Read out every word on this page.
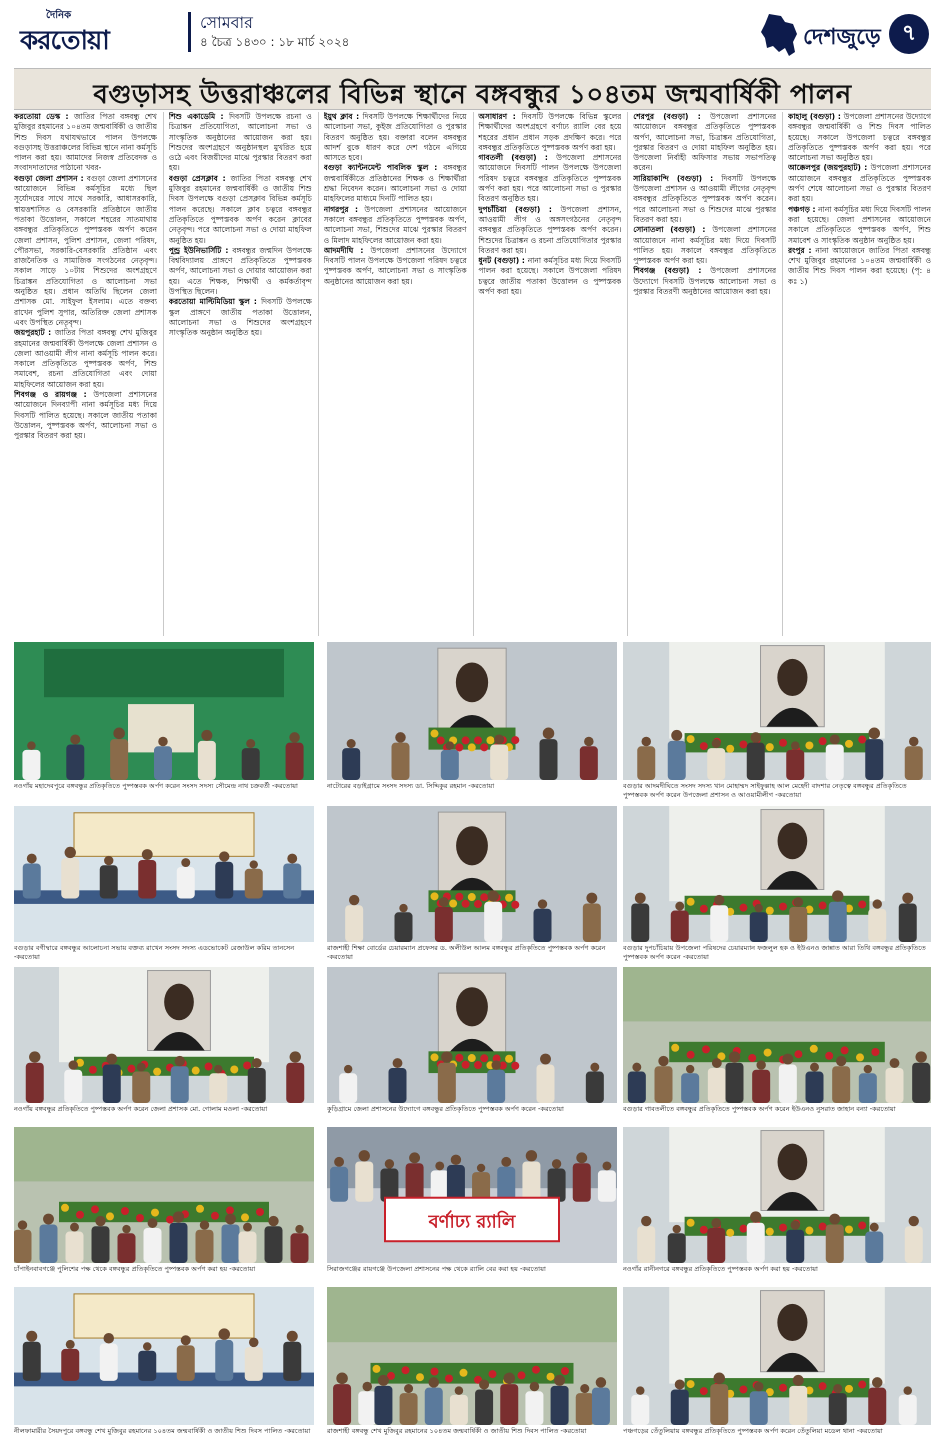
দৈনিক
করতোয়া
সোমবার
৪ চৈত্র ১৪৩০ : ১৮ মার্চ ২০২৪	দেশজুড়ে ৭
বগুড়াসহ উত্তরাঞ্চলের বিভিন্ন স্থানে বঙ্গবন্ধুর ১০৪তম জন্মবার্ষিকী পালন

করতোয়া ডেস্ক : জাতির পিতা বঙ্গবন্ধু শেখ মুজিবুর রহমানের ১০৪তম জন্মবার্ষিকী ও জাতীয় শিশু দিবস যথাযথভাবে পালন উপলক্ষে বগুড়াসহ উত্তরাঞ্চলের বিভিন্ন স্থানে নানা কর্মসূচি পালন করা হয়। আমাদের নিজস্ব প্রতিবেদক ও সংবাদদাতাদের পাঠানো খবর-

বগুড়া জেলা প্রশাসন : বগুড়া জেলা প্রশাসনের আয়োজনে বিভিন্ন কর্মসূচির মধ্যে ছিল সূর্যোদয়ের সাথে সাথে সরকারি, আধাসরকারি, স্বায়ত্তশাসিত ও বেসরকারি প্রতিষ্ঠানে জাতীয় পতাকা উত্তোলন, সকালে শহরের সাতমাথায় বঙ্গবন্ধুর প্রতিকৃতিতে পুষ্পস্তবক অর্পণ করেন জেলা প্রশাসন, পুলিশ প্রশাসন, জেলা পরিষদ, পৌরসভা, সরকারি-বেসরকারি প্রতিষ্ঠান এবং রাজনৈতিক ও সামাজিক সংগঠনের নেতৃবৃন্দ। সকাল সাড়ে ১০টায় শিশুদের অংশগ্রহণে চিত্রাঙ্কন প্রতিযোগিতা ও আলোচনা সভা অনুষ্ঠিত হয়। প্রধান অতিথি ছিলেন জেলা প্রশাসক মো. সাইফুল ইসলাম। এতে বক্তব্য রাখেন পুলিশ সুপার, অতিরিক্ত জেলা প্রশাসক এবং উপস্থিত নেতৃবৃন্দ।

জয়পুরহাট : জাতির পিতা বঙ্গবন্ধু শেখ মুজিবুর রহমানের জন্মবার্ষিকী উপলক্ষে জেলা প্রশাসন ও জেলা আওয়ামী লীগ নানা কর্মসূচি পালন করে। সকালে প্রতিকৃতিতে পুষ্পস্তবক অর্পণ, শিশু সমাবেশ, রচনা প্রতিযোগিতা এবং দোয়া মাহফিলের আয়োজন করা হয়।

শিবগঞ্জ ও রায়গঞ্জ : উপজেলা প্রশাসনের আয়োজনে দিনব্যাপী নানা কর্মসূচির মধ্য দিয়ে দিবসটি পালিত হয়েছে। সকালে জাতীয় পতাকা উত্তোলন, পুষ্পস্তবক অর্পণ, আলোচনা সভা ও পুরস্কার বিতরণ করা হয়।

শিশু একাডেমি : দিবসটি উপলক্ষে রচনা ও চিত্রাঙ্কন প্রতিযোগিতা, আলোচনা সভা ও সাংস্কৃতিক অনুষ্ঠানের আয়োজন করা হয়। শিশুদের অংশগ্রহণে অনুষ্ঠানস্থল মুখরিত হয়ে ওঠে এবং বিজয়ীদের মাঝে পুরস্কার বিতরণ করা হয়।

বগুড়া প্রেসক্লাব : জাতির পিতা বঙ্গবন্ধু শেখ মুজিবুর রহমানের জন্মবার্ষিকী ও জাতীয় শিশু দিবস উপলক্ষে বগুড়া প্রেসক্লাব বিভিন্ন কর্মসূচি পালন করেছে। সকালে ক্লাব চত্বরে বঙ্গবন্ধুর প্রতিকৃতিতে পুষ্পস্তবক অর্পণ করেন ক্লাবের নেতৃবৃন্দ। পরে আলোচনা সভা ও দোয়া মাহফিল অনুষ্ঠিত হয়।

পুন্ড্র ইউনিভার্সিটি : বঙ্গবন্ধুর জন্মদিন উপলক্ষে বিশ্ববিদ্যালয় প্রাঙ্গণে প্রতিকৃতিতে পুষ্পস্তবক অর্পণ, আলোচনা সভা ও দোয়ার আয়োজন করা হয়। এতে শিক্ষক, শিক্ষার্থী ও কর্মকর্তাবৃন্দ উপস্থিত ছিলেন।

করতোয়া মাল্টিমিডিয়া স্কুল : দিবসটি উপলক্ষে স্কুল প্রাঙ্গণে জাতীয় পতাকা উত্তোলন, আলোচনা সভা ও শিশুদের অংশগ্রহণে সাংস্কৃতিক অনুষ্ঠান অনুষ্ঠিত হয়।

ইয়ুথ ক্লাব : দিবসটি উপলক্ষে শিক্ষার্থীদের নিয়ে আলোচনা সভা, কুইজ প্রতিযোগিতা ও পুরস্কার বিতরণ অনুষ্ঠিত হয়। বক্তারা বলেন বঙ্গবন্ধুর আদর্শ বুকে ধারণ করে দেশ গঠনে এগিয়ে আসতে হবে।

বগুড়া ক্যান্টনমেন্ট পাবলিক স্কুল : বঙ্গবন্ধুর জন্মবার্ষিকীতে প্রতিষ্ঠানের শিক্ষক ও শিক্ষার্থীরা শ্রদ্ধা নিবেদন করেন। আলোচনা সভা ও দোয়া মাহফিলের মাধ্যমে দিনটি পালিত হয়।

নাগরপুর : উপজেলা প্রশাসনের আয়োজনে সকালে বঙ্গবন্ধুর প্রতিকৃতিতে পুষ্পস্তবক অর্পণ, আলোচনা সভা, শিশুদের মাঝে পুরস্কার বিতরণ ও মিলাদ মাহফিলের আয়োজন করা হয়।

আদমদীঘি : উপজেলা প্রশাসনের উদ্যোগে দিবসটি পালন উপলক্ষে উপজেলা পরিষদ চত্বরে পুষ্পস্তবক অর্পণ, আলোচনা সভা ও সাংস্কৃতিক অনুষ্ঠানের আয়োজন করা হয়।

অসাধারণ : দিবসটি উপলক্ষে বিভিন্ন স্কুলের শিক্ষার্থীদের অংশগ্রহণে বর্ণাঢ্য র‍্যালি বের হয়ে শহরের প্রধান প্রধান সড়ক প্রদক্ষিণ করে। পরে বঙ্গবন্ধুর প্রতিকৃতিতে পুষ্পস্তবক অর্পণ করা হয়।

গাবতলী (বগুড়া) : উপজেলা প্রশাসনের আয়োজনে দিবসটি পালন উপলক্ষে উপজেলা পরিষদ চত্বরে বঙ্গবন্ধুর প্রতিকৃতিতে পুষ্পস্তবক অর্পণ করা হয়। পরে আলোচনা সভা ও পুরস্কার বিতরণ অনুষ্ঠিত হয়।

দুপচাঁচিয়া (বগুড়া) : উপজেলা প্রশাসন, আওয়ামী লীগ ও অঙ্গসংগঠনের নেতৃবৃন্দ বঙ্গবন্ধুর প্রতিকৃতিতে পুষ্পস্তবক অর্পণ করেন। শিশুদের চিত্রাঙ্কন ও রচনা প্রতিযোগিতার পুরস্কার বিতরণ করা হয়।

ধুনট (বগুড়া) : নানা কর্মসূচির মধ্য দিয়ে দিবসটি পালন করা হয়েছে। সকালে উপজেলা পরিষদ চত্বরে জাতীয় পতাকা উত্তোলন ও পুষ্পস্তবক অর্পণ করা হয়।

শেরপুর (বগুড়া) : উপজেলা প্রশাসনের আয়োজনে বঙ্গবন্ধুর প্রতিকৃতিতে পুষ্পস্তবক অর্পণ, আলোচনা সভা, চিত্রাঙ্কন প্রতিযোগিতা, পুরস্কার বিতরণ ও দোয়া মাহফিল অনুষ্ঠিত হয়। উপজেলা নির্বাহী অফিসার সভায় সভাপতিত্ব করেন।

সারিয়াকান্দি (বগুড়া) : দিবসটি উপলক্ষে উপজেলা প্রশাসন ও আওয়ামী লীগের নেতৃবৃন্দ বঙ্গবন্ধুর প্রতিকৃতিতে পুষ্পস্তবক অর্পণ করেন। পরে আলোচনা সভা ও শিশুদের মাঝে পুরস্কার বিতরণ করা হয়।

সোনাতলা (বগুড়া) : উপজেলা প্রশাসনের আয়োজনে নানা কর্মসূচির মধ্য দিয়ে দিবসটি পালিত হয়। সকালে বঙ্গবন্ধুর প্রতিকৃতিতে পুষ্পস্তবক অর্পণ করা হয়।

শিবগঞ্জ (বগুড়া) : উপজেলা প্রশাসনের উদ্যোগে দিবসটি উপলক্ষে আলোচনা সভা ও পুরস্কার বিতরণী অনুষ্ঠানের আয়োজন করা হয়।

কাহালু (বগুড়া) : উপজেলা প্রশাসনের উদ্যোগে বঙ্গবন্ধুর জন্মবার্ষিকী ও শিশু দিবস পালিত হয়েছে। সকালে উপজেলা চত্বরে বঙ্গবন্ধুর প্রতিকৃতিতে পুষ্পস্তবক অর্পণ করা হয়। পরে আলোচনা সভা অনুষ্ঠিত হয়।

আক্কেলপুর (জয়পুরহাট) : উপজেলা প্রশাসনের আয়োজনে বঙ্গবন্ধুর প্রতিকৃতিতে পুষ্পস্তবক অর্পণ শেষে আলোচনা সভা ও পুরস্কার বিতরণ করা হয়।

পঞ্চগড় : নানা কর্মসূচির মধ্য দিয়ে দিবসটি পালন করা হয়েছে। জেলা প্রশাসনের আয়োজনে সকালে প্রতিকৃতিতে পুষ্পস্তবক অর্পণ, শিশু সমাবেশ ও সাংস্কৃতিক অনুষ্ঠান অনুষ্ঠিত হয়।

রংপুর : নানা আয়োজনে জাতির পিতা বঙ্গবন্ধু শেখ মুজিবুর রহমানের ১০৪তম জন্মবার্ষিকী ও জাতীয় শিশু দিবস পালন করা হয়েছে। (পৃ: ৪ কঃ ১)

নওগাঁয় মহাদেবপুরে বঙ্গবন্ধুর প্রতিকৃতিতে পুষ্পস্তবক অর্পণ করেন সংসদ সদস্য সৌমেন্দ্র নাথ চক্রবর্তী -করতোয়া	নাটোরের বড়াইগ্রামে সংসদ সদস্য ডা. সিদ্দিকুর রহমান -করতোয়া	বগুড়ার আদমদীঘিতে সংসদ সদস্য খান মোহাম্মদ সাইফুল্লাহ আল মেহেদী বাদশার নেতৃত্বে বঙ্গবন্ধুর প্রতিকৃতিতে পুষ্পস্তবক অর্পণ করেন উপজেলা প্রশাসন ও আওয়ামীলীগ -করতোয়া
বগুড়ার বগীদ্বারে বঙ্গবন্ধুর আলোচনা সভায় বক্তব্য রাখেন সংসদ সদস্য এডভোকেট রেজাউল করিম তানসেন -করতোয়া
রাজশাহী শিক্ষা বোর্ডের চেয়ারম্যান প্রফেসর ড. অলীউল আলম বঙ্গবন্ধুর প্রতিকৃতিতে পুষ্পস্তবক অর্পণ করেন -করতোয়া
বগুড়ার দুপচাঁচিয়ায় উপজেলা পরিষদের চেয়ারম্যান ফজলুল হক ও ইউএনও জান্নাত আরা তিথি বঙ্গবন্ধুর প্রতিকৃতিতে পুষ্পস্তবক অর্পণ করেন -করতোয়া
নওগাঁয় বঙ্গবন্ধুর প্রতিকৃতিতে পুষ্পস্তবক অর্পণ করেন জেলা প্রশাসক মো. গোলাম মওলা -করতোয়া	কুড়িগ্রামে জেলা প্রশাসনের উদ্যোগে বঙ্গবন্ধুর প্রতিকৃতিতে পুষ্পস্তবক অর্পণ করেন -করতোয়া	বগুড়ার গাবতলীতে বঙ্গবন্ধুর প্রতিকৃতিতে পুষ্পস্তবক অর্পণ করেন ইউএনও নুসরাত জাহান বন্যা -করতোয়া
চাঁপাইনবাবগঞ্জে পুলিশের পক্ষ থেকে বঙ্গবন্ধুর প্রতিকৃতিতে পুষ্পস্তবক অর্পণ করা হয় -করতোয়া
বর্ণাঢ্য র‍্যালি
সিরাজগঞ্জের রায়গঞ্জে উপজেলা প্রশাসনের পক্ষ থেকে র‍্যালি বের করা হয় -করতোয়া	নওগাঁর রানীনগরে বঙ্গবন্ধুর প্রতিকৃতিতে পুষ্পস্তবক অর্পণ করা হয় -করতোয়া
নীলফামারীর সৈয়দপুরে বঙ্গবন্ধু শেখ মুজিবুর রহমানের ১০৪তম জন্মবার্ষিকী ও জাতীয় শিশু দিবস পালিত -করতোয়া	রাজশাহী বঙ্গবন্ধু শেখ মুজিবুর রহমানের ১০৪তম জন্মবার্ষিকী ও জাতীয় শিশু দিবস পালিত -করতোয়া	পঞ্চগড়ের তেঁতুলিয়ায় বঙ্গবন্ধুর প্রতিকৃতিতে পুষ্পস্তবক অর্পণ করেন তেঁতুলিয়া মডেল থানা -করতোয়া
